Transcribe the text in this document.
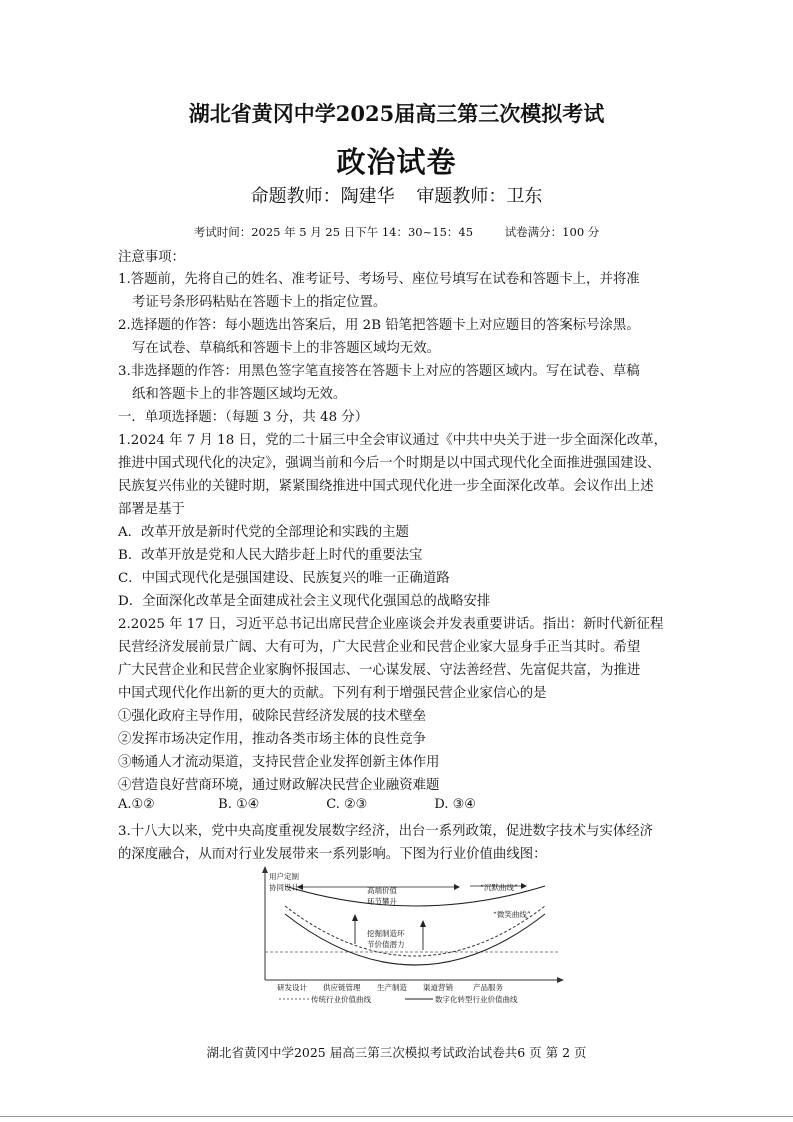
湖北省黄冈中学2025届高三第三次模拟考试
政治试卷
命题教师：陶建华 审题教师：卫东
考试时间：2025 年 5 月 25 日下午 14：30~15：45	试卷满分：100 分
注意事项：
1.答题前，先将自己的姓名、准考证号、考场号、座位号填写在试卷和答题卡上，并将准
考证号条形码粘贴在答题卡上的指定位置。
2.选择题的作答：每小题选出答案后，用 2B 铅笔把答题卡上对应题目的答案标号涂黑。
写在试卷、草稿纸和答题卡上的非答题区域均无效。
3.非选择题的作答：用黑色签字笔直接答在答题卡上对应的答题区域内。写在试卷、草稿
纸和答题卡上的非答题区域均无效。
一．单项选择题：（每题 3 分，共 48 分）
1.2024 年 7 月 18 日，党的二十届三中全会审议通过《中共中央关于进一步全面深化改革，
推进中国式现代化的决定》，强调当前和今后一个时期是以中国式现代化全面推进强国建设、
民族复兴伟业的关键时期，紧紧围绕推进中国式现代化进一步全面深化改革。会议作出上述
部署是基于
A．改革开放是新时代党的全部理论和实践的主题
B．改革开放是党和人民大踏步赶上时代的重要法宝
C．中国式现代化是强国建设、民族复兴的唯一正确道路
D．全面深化改革是全面建成社会主义现代化强国总的战略安排
2.2025 年 17 日，习近平总书记出席民营企业座谈会并发表重要讲话。指出：新时代新征程
民营经济发展前景广阔、大有可为，广大民营企业和民营企业家大显身手正当其时。希望
广大民营企业和民营企业家胸怀报国志、一心谋发展、守法善经营、先富促共富，为推进
中国式现代化作出新的更大的贡献。下列有利于增强民营企业家信心的是
①强化政府主导作用，破除民营经济发展的技术壁垒
②发挥市场决定作用，推动各类市场主体的良性竞争
③畅通人才流动渠道，支持民营企业发挥创新主体作用
④营造良好营商环境，通过财政解决民营企业融资难题
A.①②	B. ①④	C. ②③	D. ③④
3.十八大以来，党中央高度重视发展数字经济，出台一系列政策，促进数字技术与实体经济
的深度融合，从而对行业发展带来一系列影响。下图为行业价值曲线图：
用户定制
协同设计	高端价值
环节攀升
挖掘制造环
节价值潜力
“沉默曲线”
“微笑曲线”
研发设计 供应链管理 生产制造 渠道营销	产品服务
传统行业价值曲线	数字化转型行业价值曲线
湖北省黄冈中学2025 届高三第三次模拟考试政治试卷共6 页 第 2 页
